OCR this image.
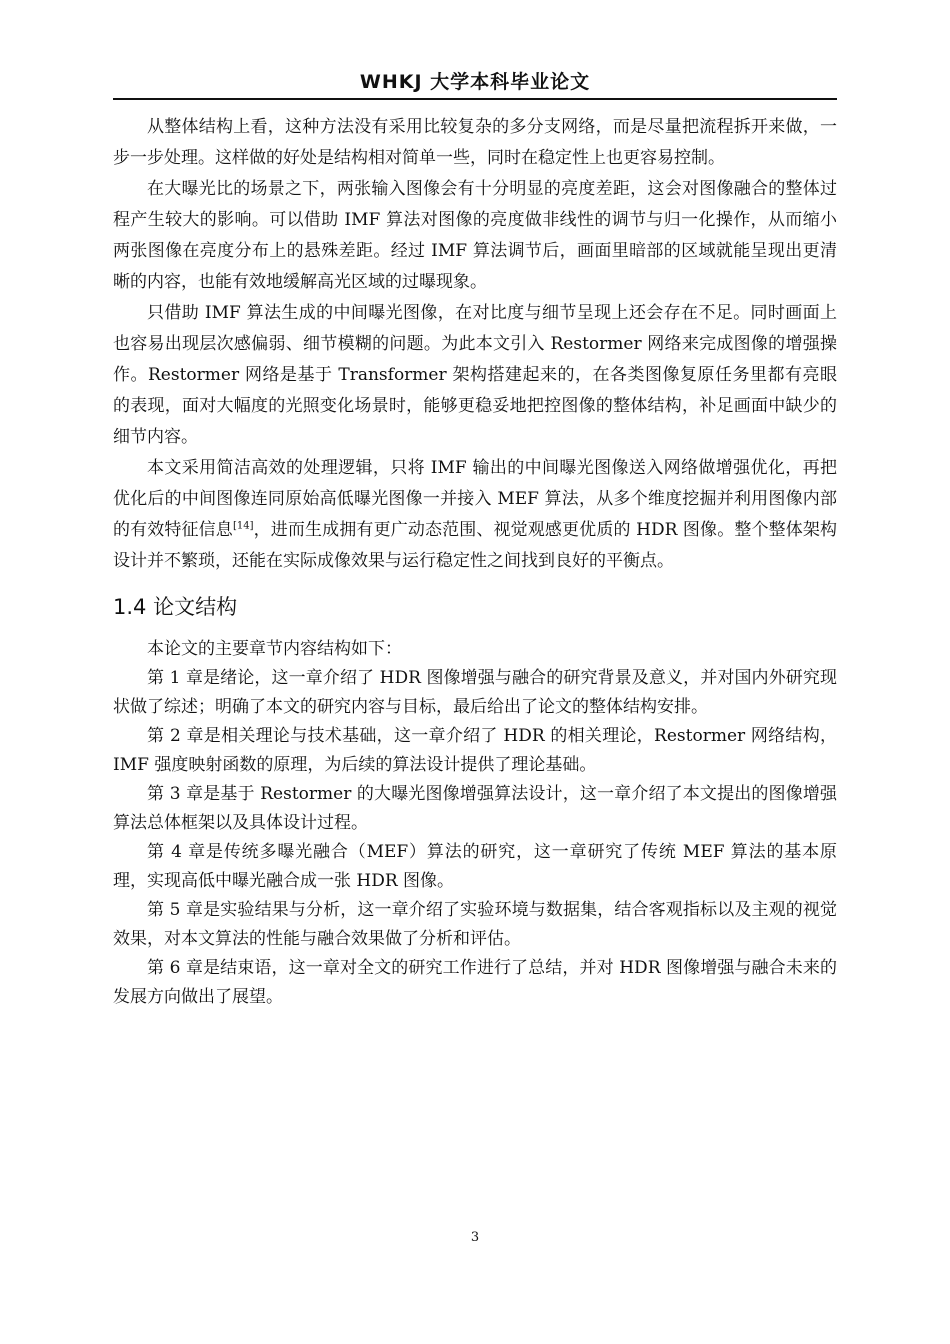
WHKJ 大学本科毕业论文

从整体结构上看，这种方法没有采用比较复杂的多分支网络，而是尽量把流程拆开来做，一步一步处理。这样做的好处是结构相对简单一些，同时在稳定性上也更容易控制。

在大曝光比的场景之下，两张输入图像会有十分明显的亮度差距，这会对图像融合的整体过程产生较大的影响。可以借助 IMF 算法对图像的亮度做非线性的调节与归一化操作，从而缩小两张图像在亮度分布上的悬殊差距。经过 IMF 算法调节后，画面里暗部的区域就能呈现出更清晰的内容，也能有效地缓解高光区域的过曝现象。

只借助 IMF 算法生成的中间曝光图像，在对比度与细节呈现上还会存在不足。同时画面上也容易出现层次感偏弱、细节模糊的问题。为此本文引入 Restormer 网络来完成图像的增强操作。Restormer 网络是基于 Transformer 架构搭建起来的，在各类图像复原任务里都有亮眼的表现，面对大幅度的光照变化场景时，能够更稳妥地把控图像的整体结构，补足画面中缺少的细节内容。

本文采用简洁高效的处理逻辑，只将 IMF 输出的中间曝光图像送入网络做增强优化，再把优化后的中间图像连同原始高低曝光图像一并接入 MEF 算法，从多个维度挖掘并利用图像内部的有效特征信息[14]，进而生成拥有更广动态范围、视觉观感更优质的 HDR 图像。整个整体架构设计并不繁琐，还能在实际成像效果与运行稳定性之间找到良好的平衡点。

1.4 论文结构

本论文的主要章节内容结构如下：

第 1 章是绪论，这一章介绍了 HDR 图像增强与融合的研究背景及意义，并对国内外研究现状做了综述；明确了本文的研究内容与目标，最后给出了论文的整体结构安排。

第 2 章是相关理论与技术基础，这一章介绍了 HDR 的相关理论，Restormer 网络结构，IMF 强度映射函数的原理，为后续的算法设计提供了理论基础。

第 3 章是基于 Restormer 的大曝光图像增强算法设计，这一章介绍了本文提出的图像增强算法总体框架以及具体设计过程。

第 4 章是传统多曝光融合（MEF）算法的研究，这一章研究了传统 MEF 算法的基本原理，实现高低中曝光融合成一张 HDR 图像。

第 5 章是实验结果与分析，这一章介绍了实验环境与数据集，结合客观指标以及主观的视觉效果，对本文算法的性能与融合效果做了分析和评估。

第 6 章是结束语，这一章对全文的研究工作进行了总结，并对 HDR 图像增强与融合未来的发展方向做出了展望。

3
